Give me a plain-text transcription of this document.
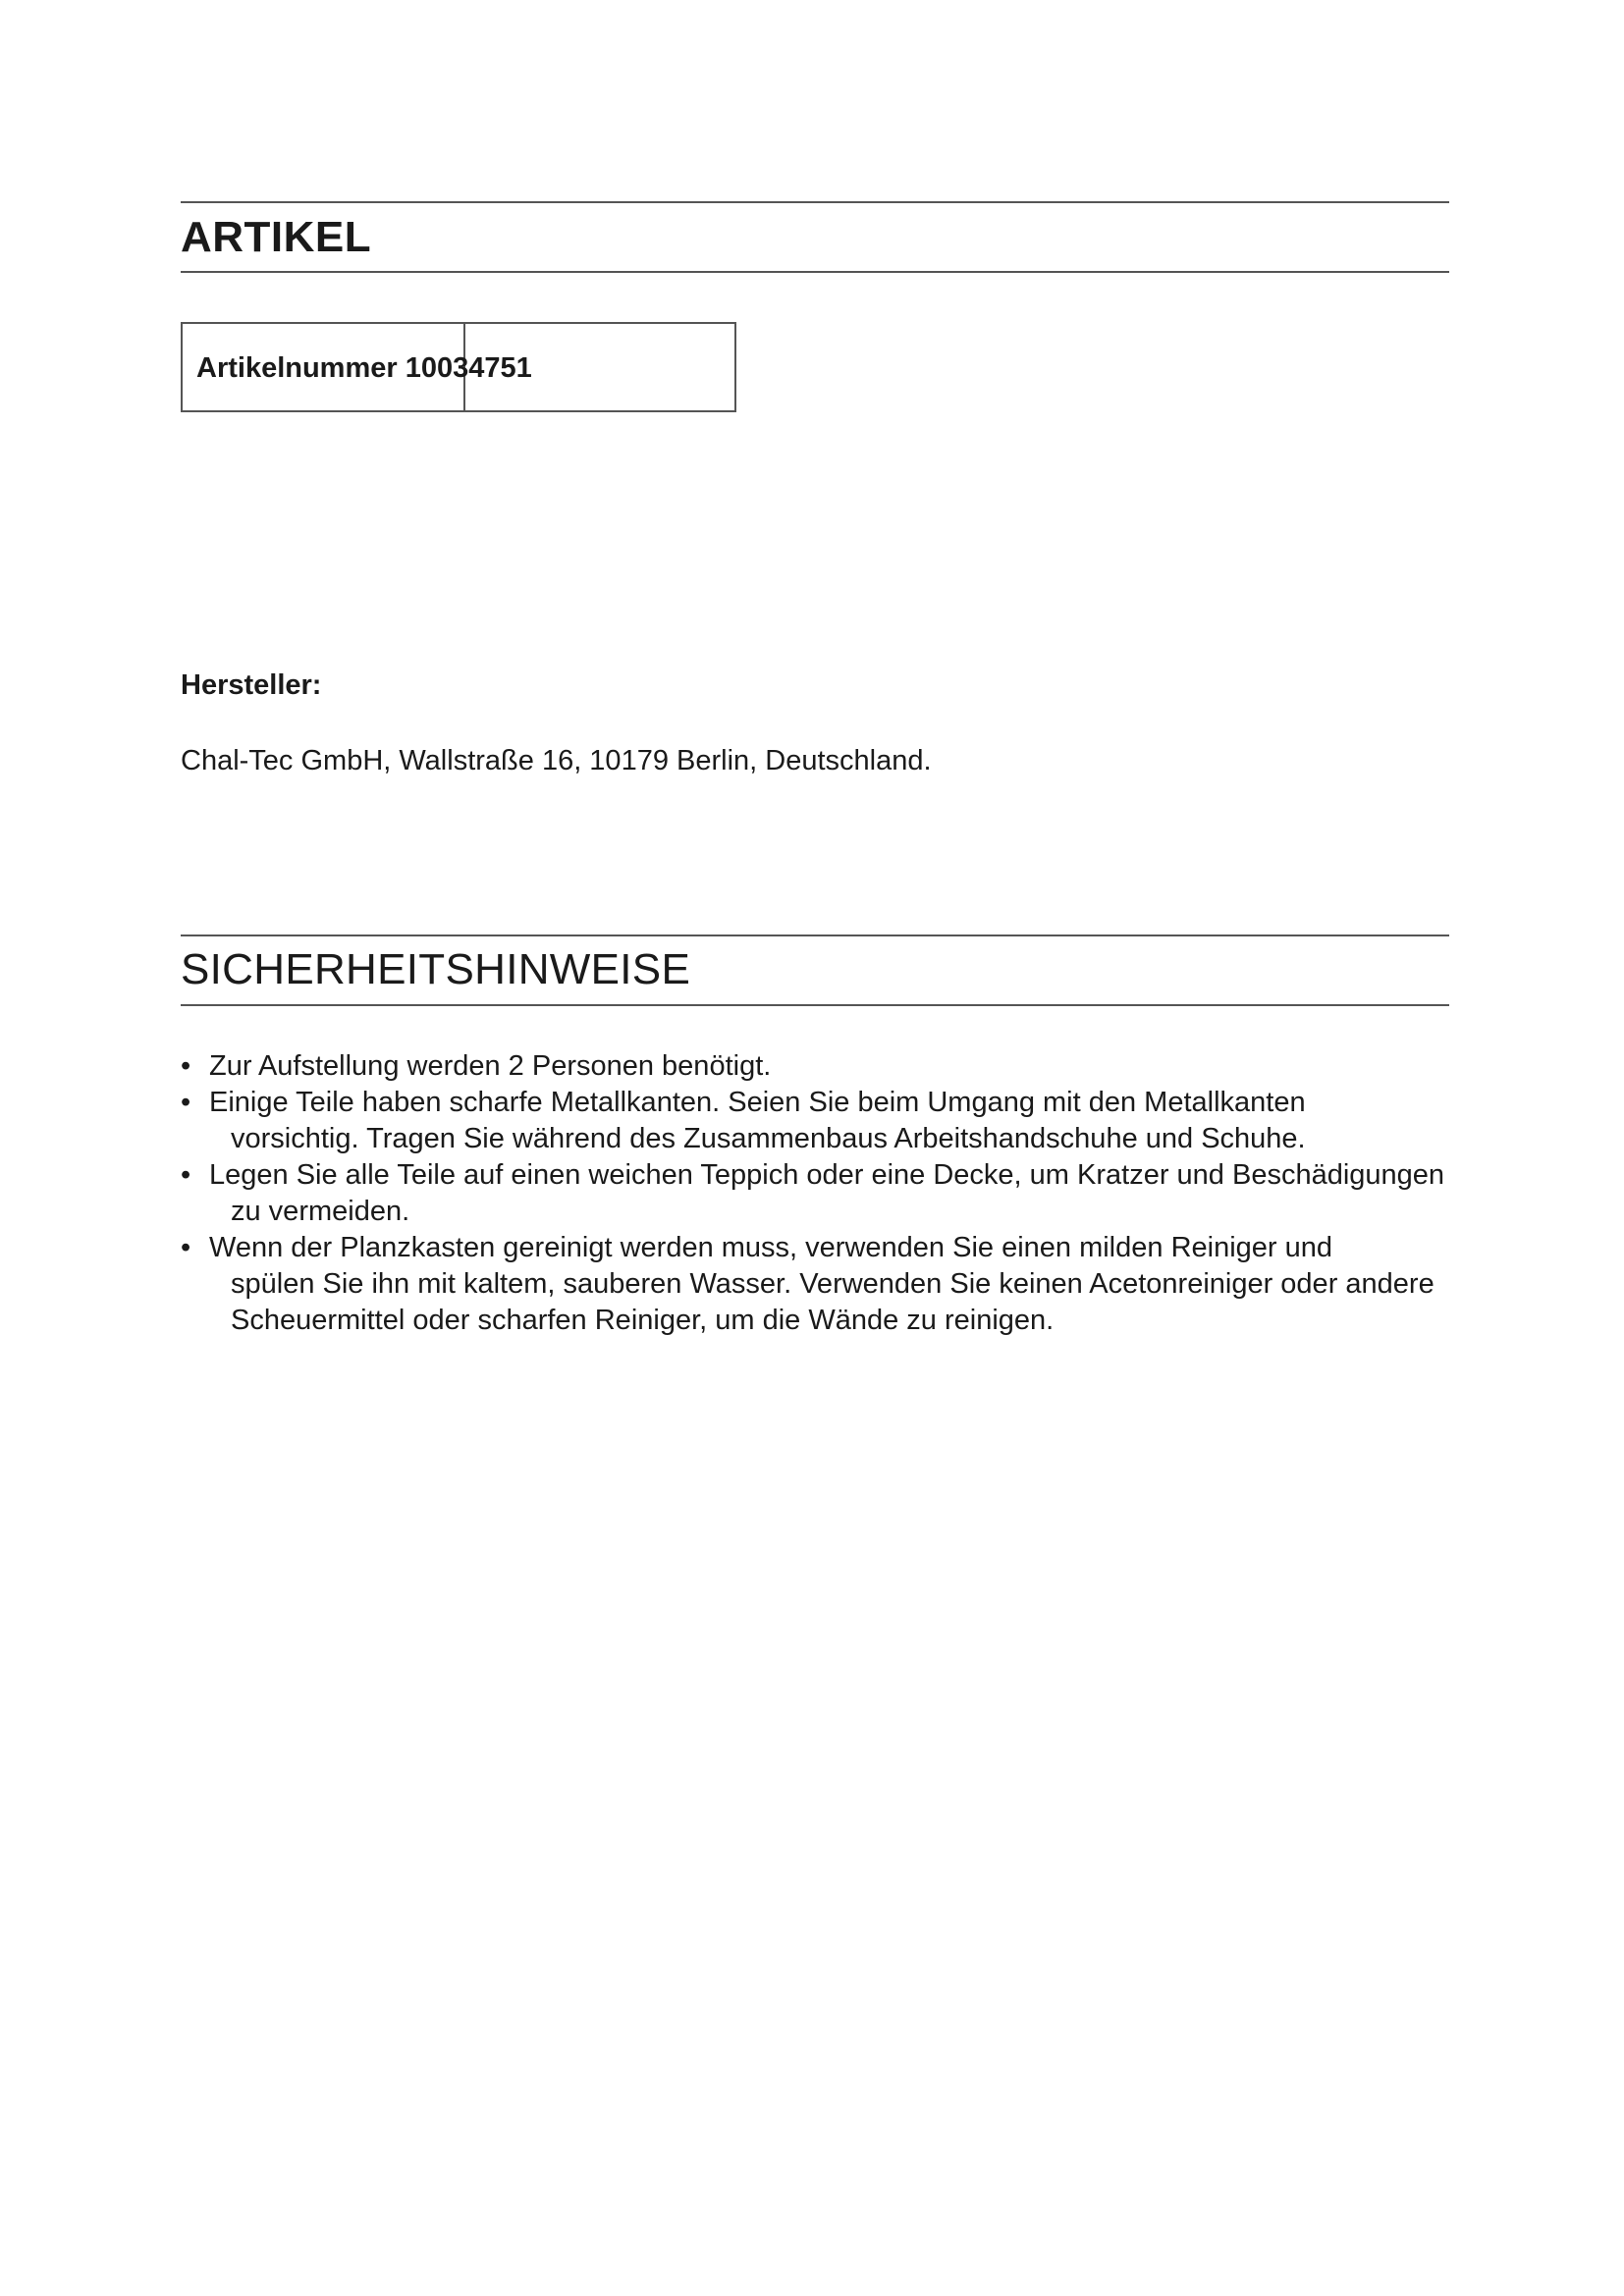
ARTIKEL
Artikelnummer 10034751
Hersteller:
Chal-Tec GmbH, Wallstraße 16, 10179 Berlin, Deutschland.
SICHERHEITSHINWEISE
• Zur Aufstellung werden 2 Personen benötigt.
• Einige Teile haben scharfe Metallkanten. Seien Sie beim Umgang mit den Metallkanten
vorsichtig. Tragen Sie während des Zusammenbaus Arbeitshandschuhe und Schuhe.
• Legen Sie alle Teile auf einen weichen Teppich oder eine Decke, um Kratzer und Beschädigungen
zu vermeiden.
• Wenn der Planzkasten gereinigt werden muss, verwenden Sie einen milden Reiniger und
spülen Sie ihn mit kaltem, sauberen Wasser. Verwenden Sie keinen Acetonreiniger oder andere
Scheuermittel oder scharfen Reiniger, um die Wände zu reinigen.
